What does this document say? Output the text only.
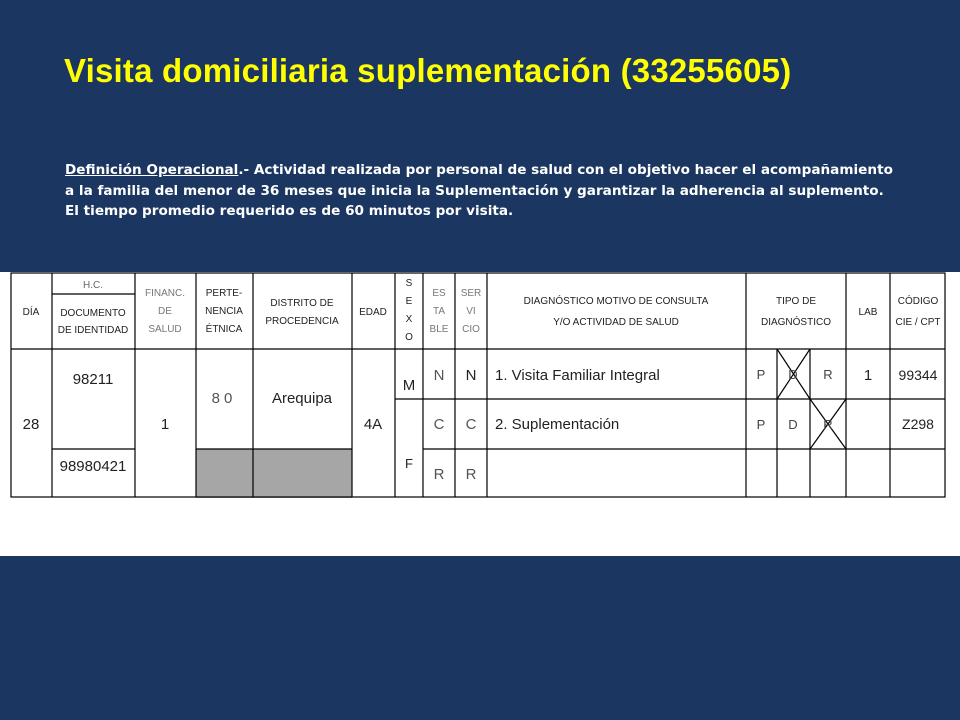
Visita domiciliaria suplementación (33255605)
Definición Operacional.- Actividad realizada por personal de salud con el objetivo hacer el acompañamiento
a la familia del menor de 36 meses que inicia la Suplementación y garantizar la adherencia al suplemento.
El tiempo promedio requerido es de 60 minutos por visita.
DÍA
H.C.
DOCUMENTO
DE IDENTIDAD
FINANC.
DE
SALUD
PERTE-
NENCIA
ÉTNICA
DISTRITO DE
PROCEDENCIA
EDAD
S
E
X
O
ES
TA
BLE
SER
VI
CIO
DIAGNÓSTICO MOTIVO DE CONSULTA
Y/O ACTIVIDAD DE SALUD
TIPO DE
DIAGNÓSTICO
LAB
CÓDIGO
CIE / CPT
28
98211
98980421
1
80 Arequipa
4A
M
F
N N
C C
R R
P D R
P D R
1 99344
Z298
1. Visita Familiar Integral
2. Suplementación
